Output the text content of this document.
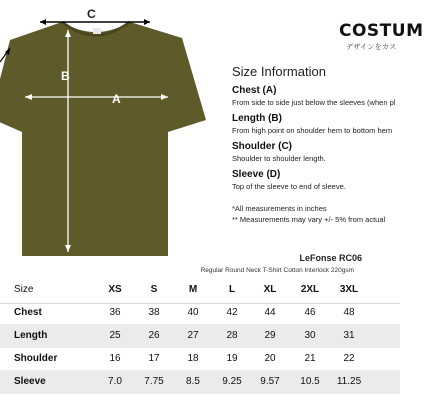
C
B
A
COSTUM
デザインをカス
Size Information
Chest (A)
From side to side just below the sleeves (when pl
Length (B)
From high point on shoulder hem to bottom hem
Shoulder (C)
Shoulder to shoulder length.
Sleeve (D)
Top of the sleeve to end of sleeve.
*All measurements in inches
** Measurements may vary +/- 5% from actual
LeFonse RC06
Regular Round Neck T-Shirt Cotton Interlock 220gsm
Size	XS	S	M	L	XL	2XL	3XL
Chest	36	38	40	42	44	46	48
Length	25	26	27	28	29	30	31
Shoulder	16	17	18	19	20	21	22
Sleeve	7.0	7.75	8.5	9.25	9.57	10.5	11.25
